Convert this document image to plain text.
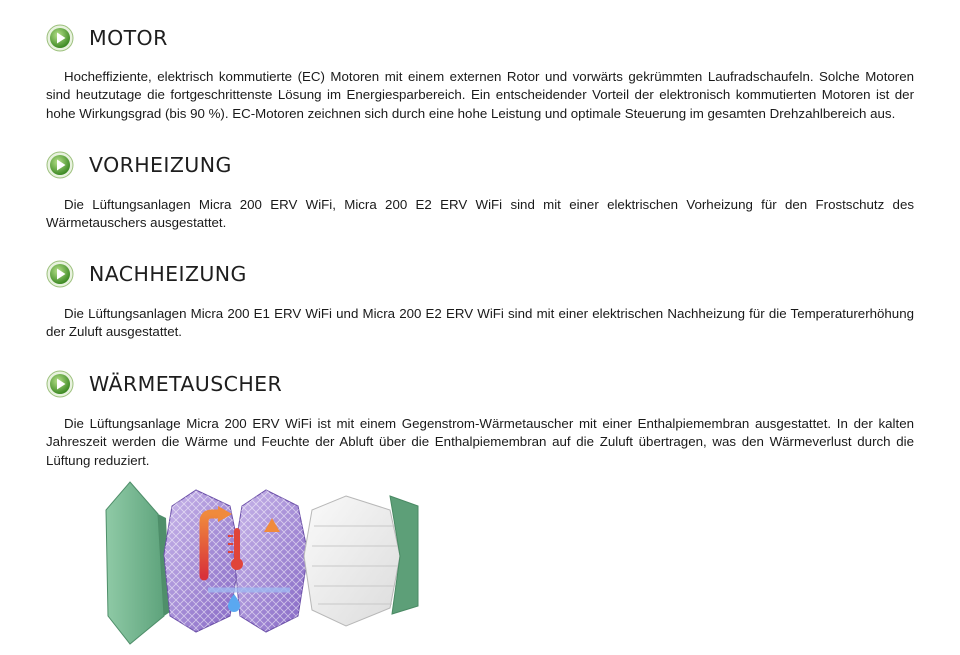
MOTOR

Hocheffiziente, elektrisch kommutierte (EC) Motoren mit einem externen Rotor und vorwärts gekrümmten Laufradschaufeln. Solche Motoren sind heutzutage die fortgeschrittenste Lösung im Energiesparbereich. Ein entscheidender Vorteil der elektronisch kommutierten Motoren ist der hohe Wirkungsgrad (bis 90 %). EC-Motoren zeichnen sich durch eine hohe Leistung und optimale Steuerung im gesamten Drehzahlbereich aus.

VORHEIZUNG

Die Lüftungsanlagen Micra 200 ERV WiFi, Micra 200 E2 ERV WiFi sind mit einer elektrischen Vorheizung für den Frostschutz des Wärmetauschers ausgestattet.

NACHHEIZUNG

Die Lüftungsanlagen Micra 200 E1 ERV WiFi und Micra 200 E2 ERV WiFi sind mit einer elektrischen Nachheizung für die Temperaturerhöhung der Zuluft ausgestattet.

WÄRMETAUSCHER

Die Lüftungsanlage Micra 200 ERV WiFi ist mit einem Gegenstrom-Wärmetauscher mit einer Enthalpiemembran ausgestattet. In der kalten Jahreszeit werden die Wärme und Feuchte der Abluft über die Enthalpiemembran auf die Zuluft übertragen, was den Wärmeverlust durch die Lüftung reduziert.
